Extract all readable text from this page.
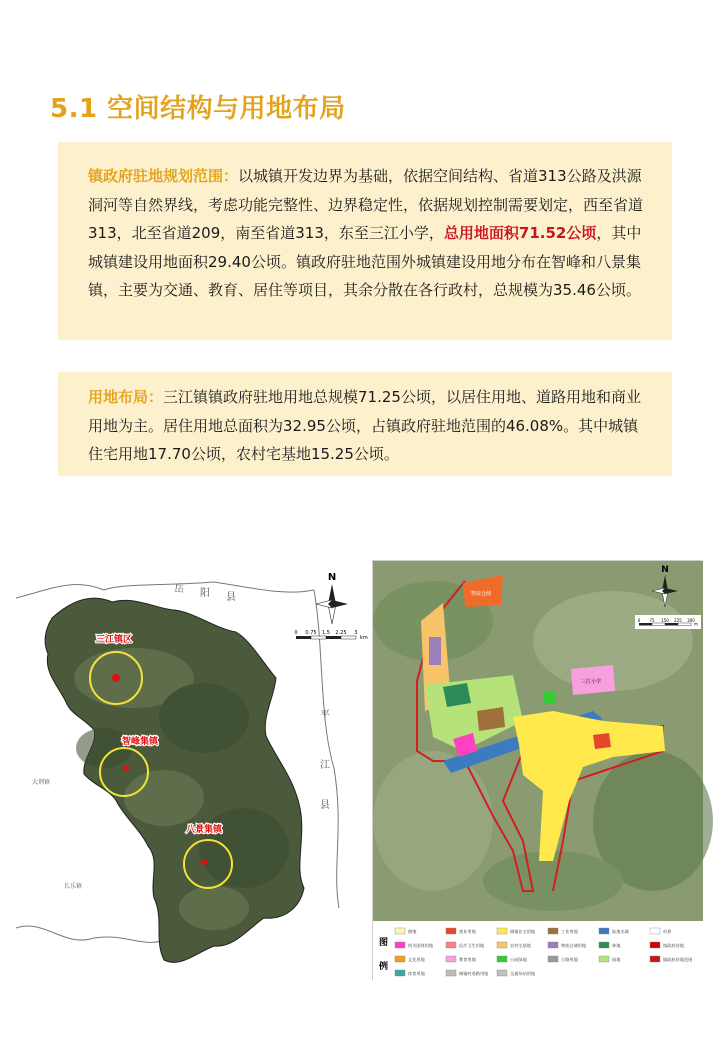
5.1 空间结构与用地布局
镇政府驻地规划范围：以城镇开发边界为基础，依据空间结构、省道313公路及洪源洞河等自然界线，考虑功能完整性、边界稳定性，依据规划控制需要划定，西至省道313，北至省道209，南至省道313，东至三江小学，总用地面积71.52公顷，其中城镇建设用地面积29.40公顷。镇政府驻地范围外城镇建设用地分布在智峰和八景集镇，主要为交通、教育、居住等项目，其余分散在各行政村，总规模为35.46公顷。
用地布局：三江镇镇政府驻地用地总规模71.25公顷，以居住用地、道路用地和商业用地为主。居住用地总面积为32.95公顷，占镇政府驻地范围的46.08%。其中城镇住宅用地17.70公顷，农村宅基地15.25公顷。
N
0 0.75 1.5 2.25 3
km
岳 阳 县
平
江
县
大荆镇
长乐镇
三江镇区
智峰集镇
八景集镇
三江小学
物流仓储
N
0 75 150 225 300
m
图
例
耕地	商业用地	城镇住宅用地	工业用地	陆地水域	村界
机关团体用地	医疗卫生用地	农村宅基地	物流仓储用地	林地	镇政府驻地
文化用地	教育用地	公园绿地	公路用地	园地	镇政府驻地范围
体育用地	城镇村道路用地	交通场站用地
